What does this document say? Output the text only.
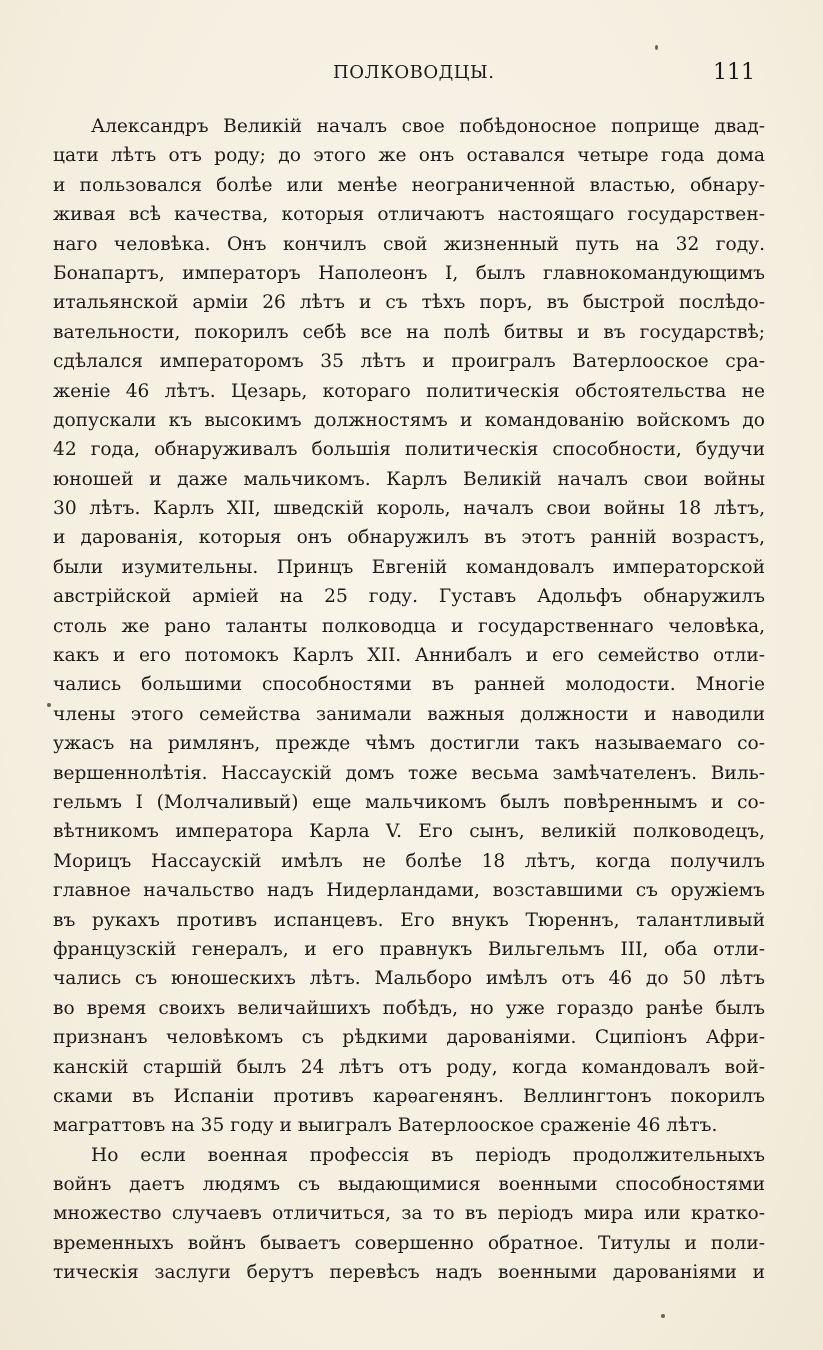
ПОЛКОВОДЦЫ.	111
Александръ Великій началъ свое побѣдоносное поприще двад-
цати лѣтъ отъ роду; до этого же онъ оставался четыре года дома
и пользовался болѣе или менѣе неограниченной властью, обнару-
живая всѣ качества, которыя отличаютъ настоящаго государствен-
наго человѣка. Онъ кончилъ свой жизненный путь на 32 году.
Бонапартъ, императоръ Наполеонъ I, былъ главнокомандующимъ
итальянской арміи 26 лѣтъ и съ тѣхъ поръ, въ быстрой послѣдо-
вательности, покорилъ себѣ все на полѣ битвы и въ государствѣ;
сдѣлался императоромъ 35 лѣтъ и проигралъ Ватерлооское сра-
женіе 46 лѣтъ. Цезарь, котораго политическія обстоятельства не
допускали къ высокимъ должностямъ и командованію войскомъ до
42 года, обнаруживалъ большія политическія способности, будучи
юношей и даже мальчикомъ. Карлъ Великій началъ свои войны
30 лѣтъ. Карлъ XII, шведскій король, началъ свои войны 18 лѣтъ,
и дарованія, которыя онъ обнаружилъ въ этотъ ранній возрастъ,
были изумительны. Принцъ Евгеній командовалъ императорской
австрійской арміей на 25 году. Густавъ Адольфъ обнаружилъ
столь же рано таланты полководца и государственнаго человѣка,
какъ и его потомокъ Карлъ XII. Аннибалъ и его семейство отли-
чались большими способностями въ ранней молодости. Многіе
члены этого семейства занимали важныя должности и наводили
ужасъ на римлянъ, прежде чѣмъ достигли такъ называемаго со-
вершеннолѣтія. Нассаускій домъ тоже весьма замѣчателенъ. Виль-
гельмъ I (Молчаливый) еще мальчикомъ былъ повѣреннымъ и со-
вѣтникомъ императора Карла V. Его сынъ, великій полководецъ,
Морицъ Нассаускій имѣлъ не болѣе 18 лѣтъ, когда получилъ
главное начальство надъ Нидерландами, возставшими съ оружіемъ
въ рукахъ противъ испанцевъ. Его внукъ Тюреннъ, талантливый
французскій генералъ, и его правнукъ Вильгельмъ III, оба отли-
чались съ юношескихъ лѣтъ. Мальборо имѣлъ отъ 46 до 50 лѣтъ
во время своихъ величайшихъ побѣдъ, но уже гораздо ранѣе былъ
признанъ человѣкомъ съ рѣдкими дарованіями. Сципіонъ Афри-
канскій старшій былъ 24 лѣтъ отъ роду, когда командовалъ вой-
сками въ Испаніи противъ карѳагенянъ. Веллингтонъ покорилъ
маграттовъ на 35 году и выигралъ Ватерлооское сраженіе 46 лѣтъ.
Но если военная профессія въ періодъ продолжительныхъ
войнъ даетъ людямъ съ выдающимися военными способностями
множество случаевъ отличиться, за то въ періодъ мира или кратко-
временныхъ войнъ бываетъ совершенно обратное. Титулы и поли-
тическія заслуги берутъ перевѣсъ надъ военными дарованіями и
